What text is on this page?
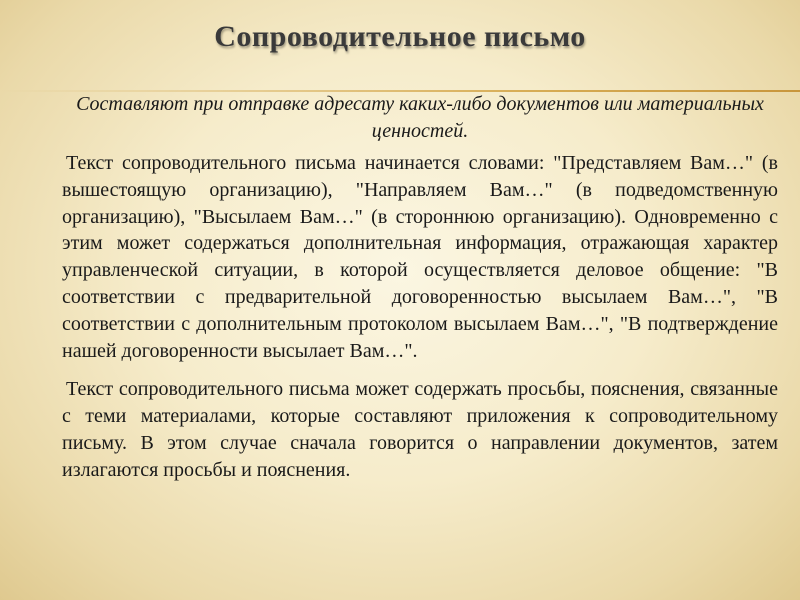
Сопроводительное письмо

Составляют при отправке адресату каких-либо документов или материальных ценностей.

Текст сопроводительного письма начинается словами: "Представляем Вам…" (в вышестоящую организацию), "Направляем Вам…" (в подведомственную организацию), "Высылаем Вам…" (в стороннюю организацию). Одновременно с этим может содержаться дополнительная информация, отражающая характер управленческой ситуации, в которой осуществляется деловое общение: "В соответствии с предварительной договоренностью высылаем Вам…", "В соответствии с дополнительным протоколом высылаем Вам…", "В подтверждение нашей договоренности высылает Вам…".

Текст сопроводительного письма может содержать просьбы, пояснения, связанные с теми материалами, которые составляют приложения к сопроводительному письму. В этом случае сначала говорится о направлении документов, затем излагаются просьбы и пояснения.
